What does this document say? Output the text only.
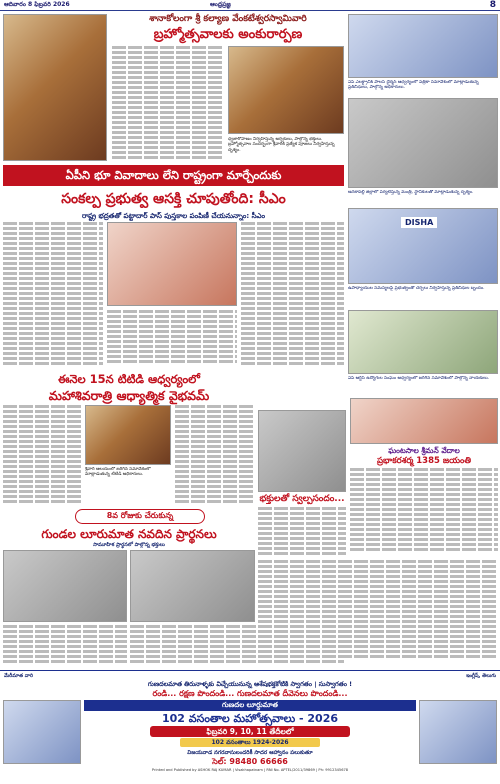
ఆదివారం 8 ఫిబ్రవరి 2026	ఆంధ్రప్రజ్ఞ	8
శానాకోలంగా శ్రీ కల్యాణ వేంకటేశ్వరస్వామివారి
బ్రహ్మోత్సవాలకు అంకురార్పణ
ధ్వజారోహణం నిర్వహిస్తున్న అర్చకులు, పాల్గొన్న భక్తులు. బ్రహ్మోత్సవాల సందర్భంగా శ్రీవారికి ప్రత్యేక పూజలు నిర్వహిస్తున్న దృశ్యం.
ఏపీ ఎలక్ట్రానిక్ పాలసీ ఛైర్మన్ ఆధ్వర్యంలో పత్రికా సమావేశంలో మాట్లాడుతున్న ప్రతినిధులు, పాల్గొన్న అధికారులు.
అనకాపల్లి జిల్లాలో పర్యటిస్తున్న మంత్రి, స్థానికులతో మాట్లాడుతున్న దృశ్యం.
ఏపీని భూ వివాదాలు లేని రాష్ట్రంగా మార్చేందుకు
సంకల్ప ప్రభుత్వ ఆసక్తి చూపుతోంది: సీఎం
రాష్ట్ర భద్రతతో పట్టాదార్ పాస్ పుస్తకాల పంపిణీ చేయనున్నాం: సీఎం
DISHA
ఉపాధ్యాయుల సమస్యలపై ప్రభుత్వంతో చర్చలు నిర్వహిస్తున్న ప్రతినిధుల బృందం.
ఏపీ ఆర్టీసీ ఉద్యోగుల సంఘం ఆధ్వర్యంలో జరిగిన సమావేశంలో పాల్గొన్న నాయకులు.
ఈనెల 15న టిటిడి ఆధ్వర్యంలో
మహాశివరాత్రి ఆధ్యాత్మిక వైభవమ్
శ్రీవారి ఆలయంలో జరిగిన సమావేశంలో మాట్లాడుతున్న టిటిడి అధికారులు.
భక్తులతో స్వల్పసందం...
ఘంటసాల శ్రీమన్ వేదాల
ప్రభాకరశర్మ 1385 జయంతి
8వ రోజుకు చేరుకున్న
గుండల లూరుమాత నవదిన ప్రార్థనలు
సామూహిక ప్రార్థనలో పాల్గొన్న భక్తులు
మేరీమాత వారి	ఇంగ్లీష్, తెలుగు
గుణదలమాత తిరునాళ్ళకు విచ్చేయునున్న ఆశేషభక్తకోటికి స్వాగతం | సుస్వాగతం !
రండి... రక్షణ పొందండి... గుణదలమాత దీవెనలు పొందండి...
గుణదల లూర్దుమాత
102 వసంతాల మహోత్సవాలు - 2026
ఫిబ్రవరి 9, 10, 11 తేదీలలో
102 వసంతాలు 1924-2026
విజయవాడ నగరవాసులందరికీ సాదర ఆహ్వానం పలుకుతూ
సెల్: 98480 66666
Printed and Published by ASHOK RAJ KUMAR | Visakhapatnam | RNI No. APTEL/2011/39869 | Ph: 9912345678
